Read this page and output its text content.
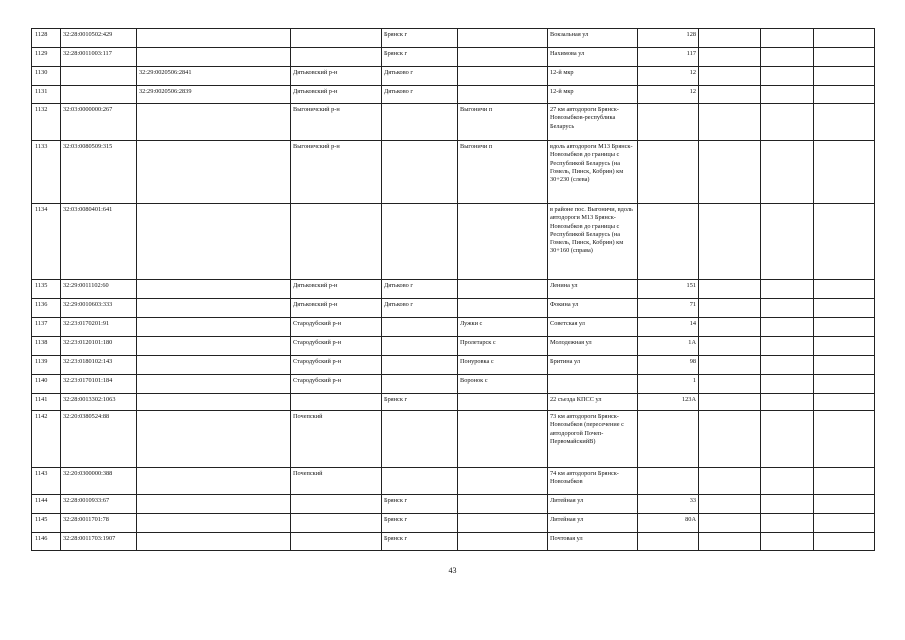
1128	32:28:0010502:429			Брянск г		Вокзальная ул	128			
1129	32:28:0011003:117			Брянск г		Нахимова ул	117			
1130		32:29:0020506:2841	Дятьковский р-н	Дятьково г		12-й мкр	12			
1131		32:29:0020506:2839	Дятьковский р-н	Дятьково г		12-й мкр	12			
1132	32:03:0000000:267		Выгоничский р-н		Выгоничи п	27 км автодороги Брянск-Новозыбков-республика Беларусь				
1133	32:03:0080509:315		Выгоничский р-н		Выгоничи п	вдоль автодороги М13 Брянск- Новозыбков до границы с Республикой Беларусь (на Гомель, Пинск, Кобрин) км 30+230 (слева)				
1134	32:03:0080401:641					в районе пос. Выгоничи, вдоль автодороги М13 Брянск- Новозыбков до границы с Республикой Беларусь (на Гомель, Пинск, Кобрин) км 30+160 (справа)				
1135	32:29:0011102:60		Дятьковский р-н	Дятьково г		Ленина ул	151			
1136	32:29:0010603:333		Дятьковский р-н	Дятьково г		Фокина ул	71			
1137	32:23:0170201:91		Стародубский р-н		Лужки с	Советская ул	14			
1138	32:23:0120101:180		Стародубский р-н		Пролетарск с	Молодежная ул	1А			
1139	32:23:0180102:143		Стародубский р-н		Понуровка с	Бритина ул	98			
1140	32:23:0170101:184		Стародубский р-н		Воронок с		1			
1141	32:28:0013302:1063			Брянск г		22 съезда КПСС ул	123А			
1142	32:20:0380524:88		Почепский			73 км автодороги Брянск-Новозыбков (пересечение с автодорогой Почеп-ПервомайскийВ)				
1143	32:20:0300000:388		Почепский			74 км автодороги Брянск-Новозыбков				
1144	32:28:0010933:67			Брянск г		Литейная ул	33			
1145	32:28:0011701:78			Брянск г		Литейная ул	80А			
1146	32:28:0011703:1907			Брянск г		Почтовая ул				
43
